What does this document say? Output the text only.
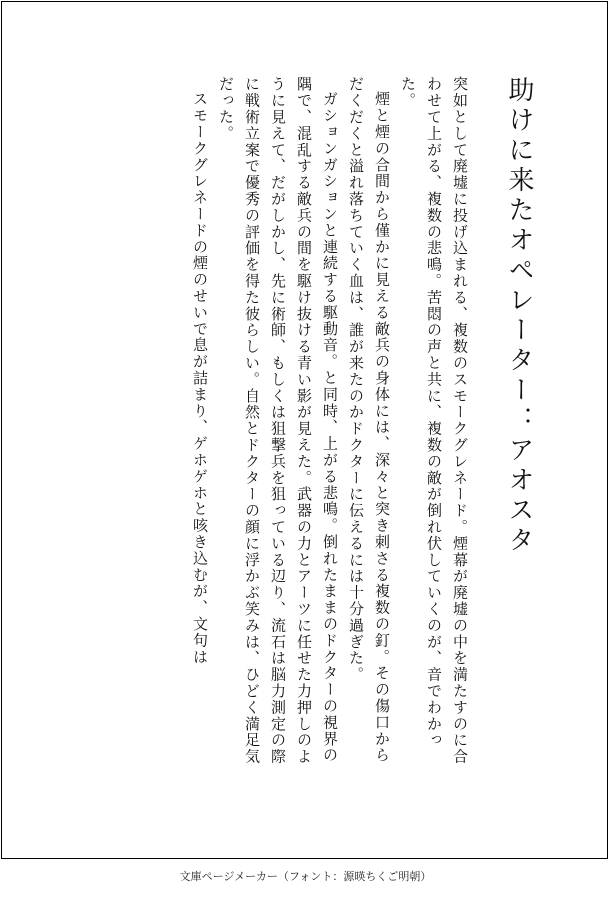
助けに来たオペレーター：アオスタ

突如として廃墟に投げ込まれる、複数のスモークグレネード。煙幕が廃墟の中を満たすのに合わせて上がる、複数の悲鳴。苦悶の声と共に、複数の敵が倒れ伏していくのが、音でわかった。

煙と煙の合間から僅かに見える敵兵の身体には、深々と突き刺さる複数の釘。その傷口からだくだくと溢れ落ちていく血は、誰が来たのかドクターに伝えるには十分過ぎた。

ガションガションと連続する駆動音。と同時、上がる悲鳴。倒れたままのドクターの視界の隅で、混乱する敵兵の間を駆け抜ける青い影が見えた。武器の力とアーツに任せた力押しのように見えて、だがしかし、先に術師、もしくは狙撃兵を狙っている辺り、流石は脳力測定の際に戦術立案で優秀の評価を得た彼らしい。自然とドクターの顔に浮かぶ笑みは、ひどく満足気だった。

スモークグレネードの煙のせいで息が詰まり、ゲホゲホと咳き込むが、文句は

文庫ページメーカー（フォント：源暎ちくご明朝）
